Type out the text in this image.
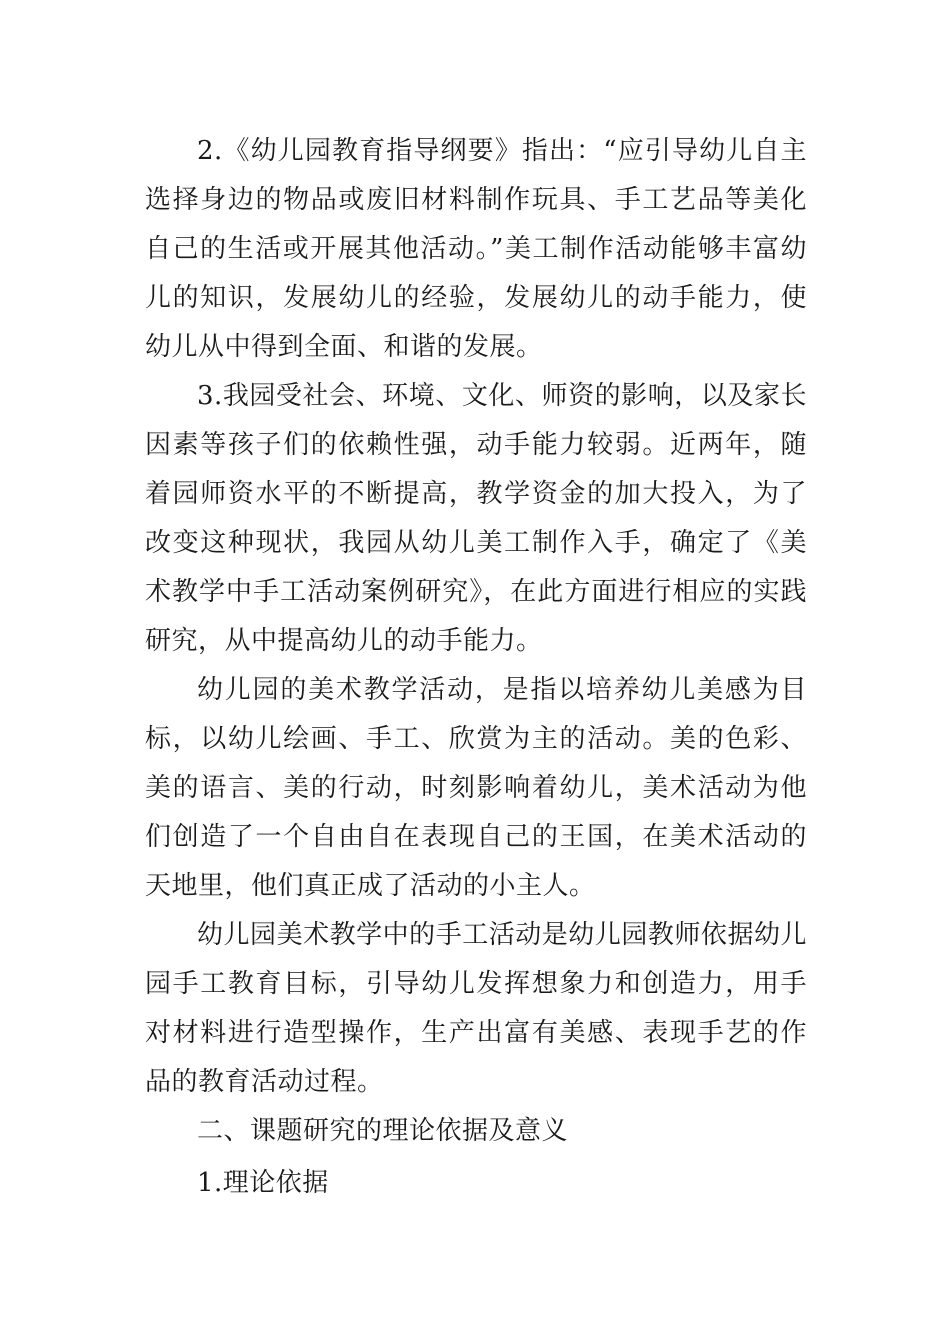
2.《幼儿园教育指导纲要》指出：“应引导幼儿自主选择身边的物品或废旧材料制作玩具、手工艺品等美化自己的生活或开展其他活动。”美工制作活动能够丰富幼儿的知识，发展幼儿的经验，发展幼儿的动手能力，使幼儿从中得到全面、和谐的发展。

3.我园受社会、环境、文化、师资的影响，以及家长因素等孩子们的依赖性强，动手能力较弱。近两年，随着园师资水平的不断提高，教学资金的加大投入，为了改变这种现状，我园从幼儿美工制作入手，确定了《美术教学中手工活动案例研究》，在此方面进行相应的实践研究，从中提高幼儿的动手能力。

幼儿园的美术教学活动，是指以培养幼儿美感为目标，以幼儿绘画、手工、欣赏为主的活动。美的色彩、美的语言、美的行动，时刻影响着幼儿，美术活动为他们创造了一个自由自在表现自己的王国，在美术活动的天地里，他们真正成了活动的小主人。

幼儿园美术教学中的手工活动是幼儿园教师依据幼儿园手工教育目标，引导幼儿发挥想象力和创造力，用手对材料进行造型操作，生产出富有美感、表现手艺的作品的教育活动过程。

二、课题研究的理论依据及意义

1.理论依据
